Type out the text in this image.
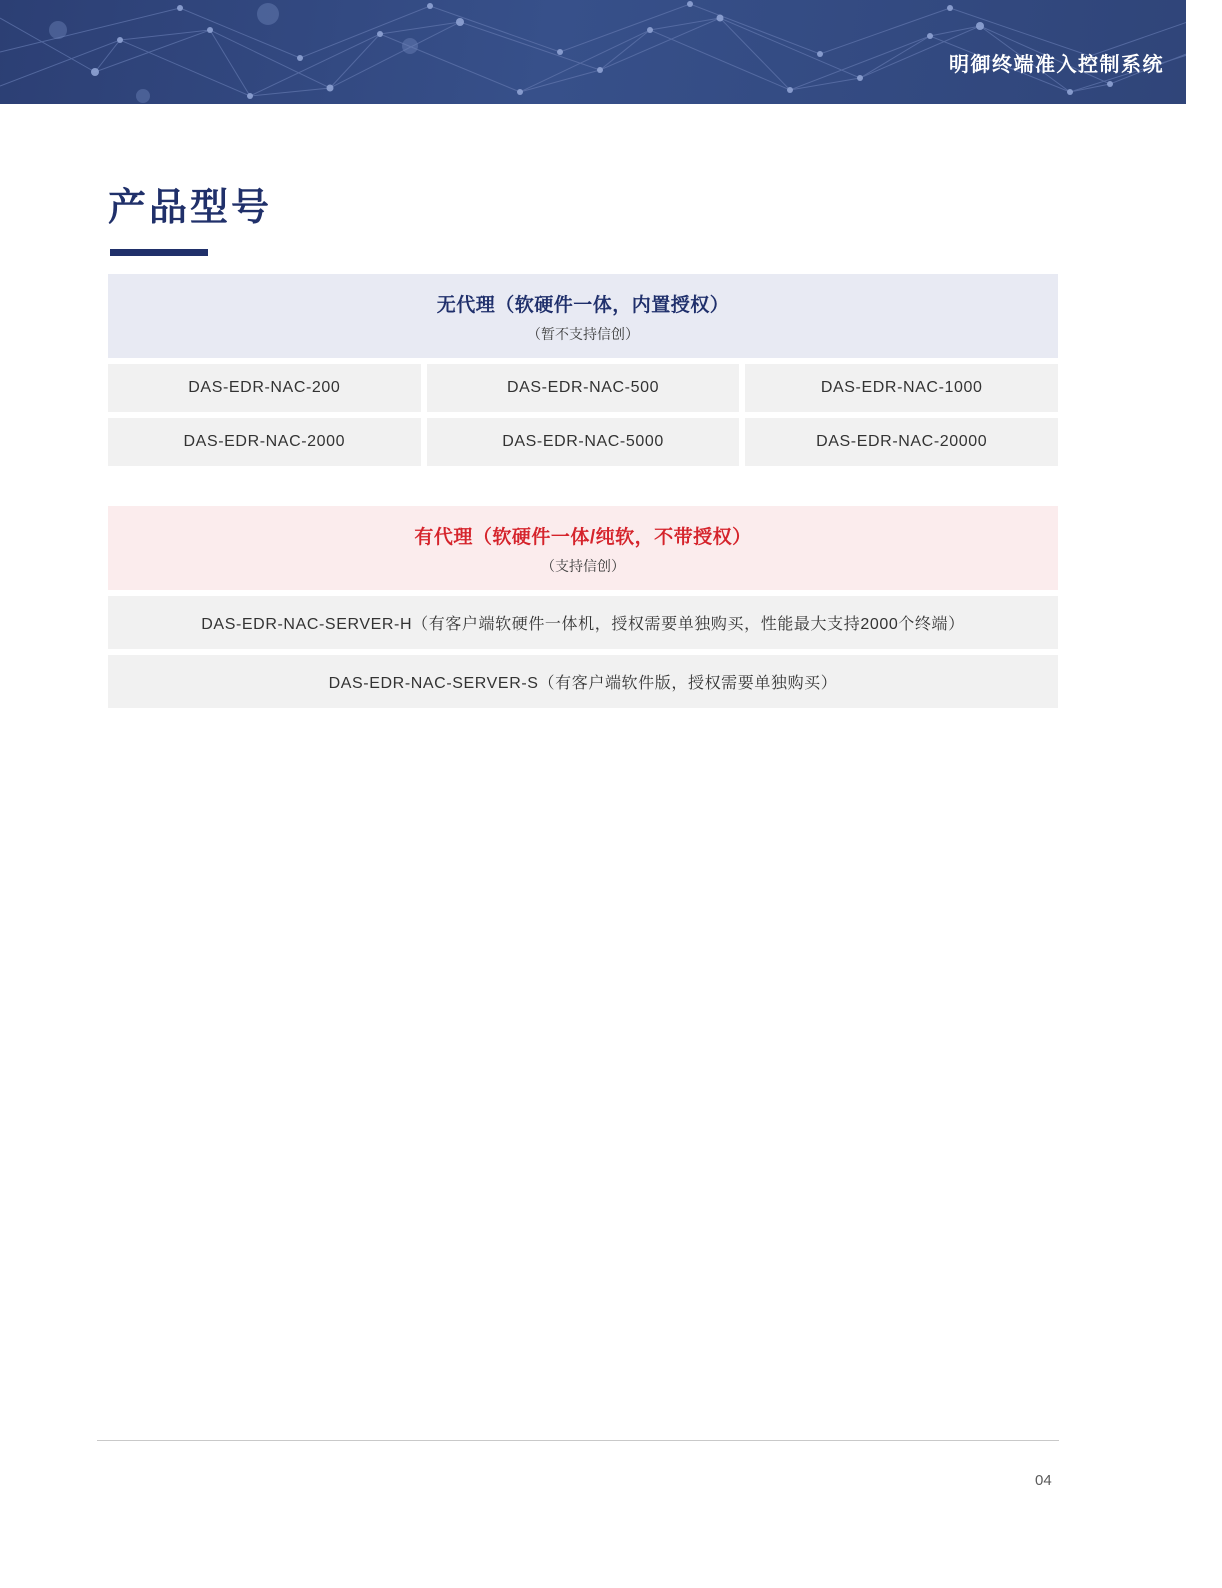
明御终端准入控制系统
产品型号
无代理（软硬件一体，内置授权）
（暂不支持信创）
DAS-EDR-NAC-200	DAS-EDR-NAC-500	DAS-EDR-NAC-1000
DAS-EDR-NAC-2000	DAS-EDR-NAC-5000	DAS-EDR-NAC-20000
有代理（软硬件一体/纯软，不带授权）
（支持信创）
DAS-EDR-NAC-SERVER-H（有客户端软硬件一体机，授权需要单独购买，性能最大支持2000个终端）
DAS-EDR-NAC-SERVER-S（有客户端软件版，授权需要单独购买）
04
